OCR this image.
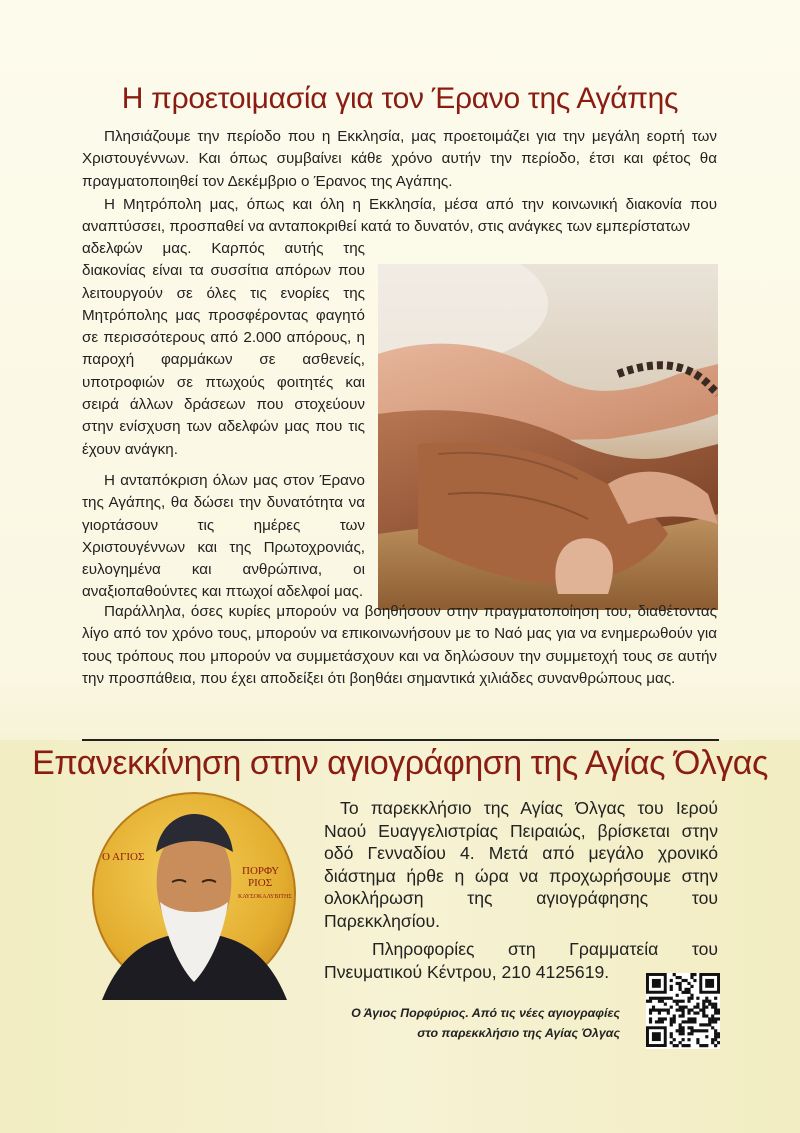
Η προετοιμασία για τον Έρανο της Αγάπης

Πλησιάζουμε την περίοδο που η Εκκλησία, μας προετοιμάζει για την μεγάλη εορτή των Χριστουγέννων. Και όπως συμβαίνει κάθε χρόνο αυτήν την περίοδο, έτσι και φέτος θα πραγματοποιηθεί τον Δεκέμβριο ο Έρανος της Αγάπης.

Η Μητρόπολη μας, όπως και όλη η Εκκλησία, μέσα από την κοινωνική διακονία που αναπτύσσει, προσπαθεί να ανταποκριθεί κατά το δυνατόν, στις ανάγκες των εμπερίστατων

αδελφών μας. Καρπός αυτής της διακονίας είναι τα συσσίτια απόρων που λειτουργούν σε όλες τις ενορίες της Μητρόπολης μας προσφέροντας φαγητό σε περισσότερους από 2.000 απόρους, η παροχή φαρμάκων σε ασθενείς, υποτροφιών σε πτωχούς φοιτητές και σειρά άλλων δράσεων που στοχεύουν στην ενίσχυση των αδελφών μας που τις έχουν ανάγκη.

Η ανταπόκριση όλων μας στον Έρανο της Αγάπης, θα δώσει την δυνατότητα να γιορτάσουν τις ημέρες των Χριστουγέννων και της Πρωτοχρονιάς, ευλογημένα και ανθρώπινα, οι αναξιοπαθούντες και πτωχοί αδελφοί μας.

Παράλληλα, όσες κυρίες μπορούν να βοηθήσουν στην πραγματοποίηση του, διαθέτοντας λίγο από τον χρόνο τους, μπορούν να επικοινωνήσουν με το Ναό μας για να ενημερωθούν για τους τρόπους που μπορούν να συμμετάσχουν και να δηλώσουν την συμμετοχή τους σε αυτήν την προσπάθεια, που έχει αποδείξει ότι βοηθάει σημαντικά χιλιάδες συνανθρώπους μας.

Επανεκκίνηση στην αγιογράφηση της Αγίας Όλγας
Ο ΑΓΙΟΣ
ΠΟΡΦΥ
ΡΙΟΣ
ΚΑΥΣΟΚΑΛΥΒΙΤΗΣ

Το παρεκκλήσιο της Αγίας Όλγας του Ιερού Ναού Ευαγγελιστρίας Πειραιώς, βρίσκεται στην οδό Γενναδίου 4. Μετά από μεγάλο χρονικό διάστημα ήρθε η ώρα να προχωρήσουμε στην ολοκλήρωση της αγιογράφησης του Παρεκκλησίου.

Πληροφορίες στη Γραμματεία του Πνευματικού Κέντρου, 210 4125619.

Ο Άγιος Πορφύριος. Από τις νέες αγιογραφίες
στο παρεκκλήσιο της Αγίας Όλγας
